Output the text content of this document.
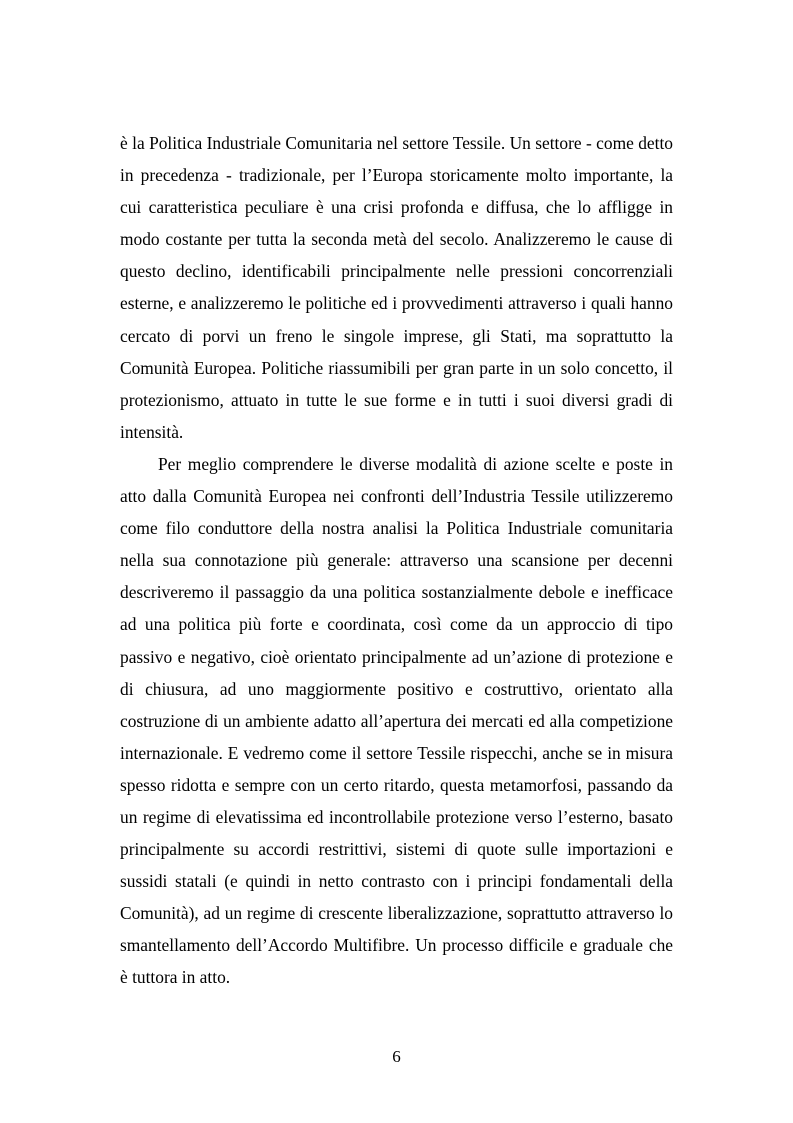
è la Politica Industriale Comunitaria nel settore Tessile. Un settore - come detto in precedenza - tradizionale, per l’Europa storicamente molto importante, la cui caratteristica peculiare è una crisi profonda e diffusa, che lo affligge in modo costante per tutta la seconda metà del secolo. Analizzeremo le cause di questo declino, identificabili principalmente nelle pressioni concorrenziali esterne, e analizzeremo le politiche ed i provvedimenti attraverso i quali hanno cercato di porvi un freno le singole imprese, gli Stati, ma soprattutto la Comunità Europea. Politiche riassumibili per gran parte in un solo concetto, il protezionismo, attuato in tutte le sue forme e in tutti i suoi diversi gradi di intensità.

Per meglio comprendere le diverse modalità di azione scelte e poste in atto dalla Comunità Europea nei confronti dell’Industria Tessile utilizzeremo come filo conduttore della nostra analisi la Politica Industriale comunitaria nella sua connotazione più generale: attraverso una scansione per decenni descriveremo il passaggio da una politica sostanzialmente debole e inefficace ad una politica più forte e coordinata, così come da un approccio di tipo passivo e negativo, cioè orientato principalmente ad un’azione di protezione e di chiusura, ad uno maggiormente positivo e costruttivo, orientato alla costruzione di un ambiente adatto all’apertura dei mercati ed alla competizione internazionale. E vedremo come il settore Tessile rispecchi, anche se in misura spesso ridotta e sempre con un certo ritardo, questa metamorfosi, passando da un regime di elevatissima ed incontrollabile protezione verso l’esterno, basato principalmente su accordi restrittivi, sistemi di quote sulle importazioni e sussidi statali (e quindi in netto contrasto con i principi fondamentali della Comunità), ad un regime di crescente liberalizzazione, soprattutto attraverso lo smantellamento dell’Accordo Multifibre. Un processo difficile e graduale che è tuttora in atto.

6
